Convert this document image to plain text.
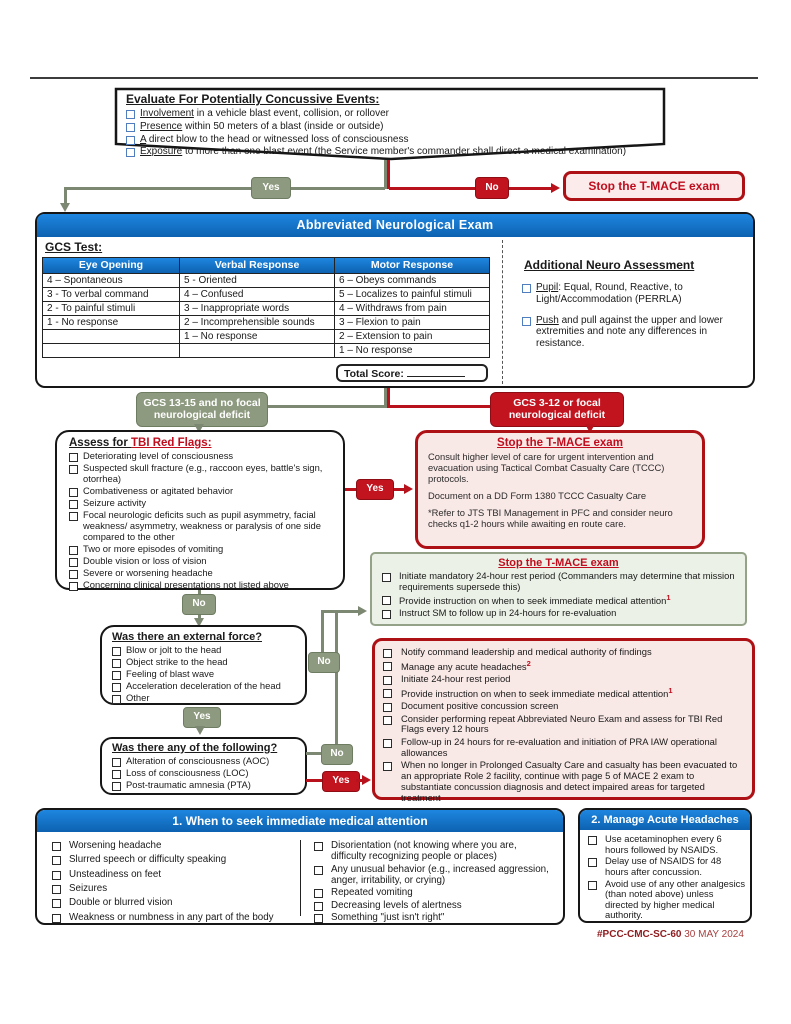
Evaluate For Potentially Concussive Events:
Involvement in a vehicle blast event, collision, or rollover
Presence within 50 meters of a blast (inside or outside)
A direct blow to the head or witnessed loss of consciousness
Exposure to more than one blast event (the Service member's commander shall direct a medical examination)
Yes	No	Stop the T-MACE exam
Abbreviated Neurological Exam
GCS Test:
Eye Opening
4 – Spontaneous
3 - To verbal command
2 - To painful stimuli
1 - No response
Verbal Response
5 - Oriented
4 – Confused
3 – Inappropriate words
2 – Incomprehensible sounds
1 – No response
Motor Response
6 – Obeys commands
5 – Localizes to painful stimuli
4 – Withdraws from pain
3 – Flexion to pain
2 – Extension to pain
1 – No response
Total Score:
Additional Neuro Assessment
Pupil: Equal, Round, Reactive, to Light/Accommodation (PERRLA)
Push and pull against the upper and lower extremities and note any differences in resistance.
GCS 13-15 and no focal
neurological deficit
GCS 3-12 or focal
neurological deficit
Assess for TBI Red Flags:
Deteriorating level of consciousness
Suspected skull fracture (e.g., raccoon eyes, battle's sign, otorrhea)
Combativeness or agitated behavior
Seizure activity
Focal neurologic deficits such as pupil asymmetry, facial weakness/ asymmetry, weakness or paralysis of one side compared to the other
Two or more episodes of vomiting
Double vision or loss of vision
Severe or worsening headache
Concerning clinical presentations not listed above
Yes
Stop the T-MACE exam
Consult higher level of care for urgent intervention and evacuation using Tactical Combat Casualty Care (TCCC) protocols.
Document on a DD Form 1380 TCCC Casualty Care
*Refer to JTS TBI Management in PFC and consider neuro checks q1-2 hours while awaiting en route care.
Stop the T-MACE exam
Initiate mandatory 24-hour rest period (Commanders may determine that mission requirements supersede this)
Provide instruction on when to seek immediate medical attention$^1$
Instruct SM to follow up in 24-hours for re-evaluation
No
Was there an external force?
Blow or jolt to the head
Object strike to the head
Feeling of blast wave
Acceleration deceleration of the head
Other
No
Yes
Was there any of the following?
Alteration of consciousness (AOC)
Loss of consciousness (LOC)
Post-traumatic amnesia (PTA)
No
Yes
Notify command leadership and medical authority of findings
Manage any acute headaches$^2$
Initiate 24-hour rest period
Provide instruction on when to seek immediate medical attention$^1$
Document positive concussion screen
Consider performing repeat Abbreviated Neuro Exam and assess for TBI Red Flags every 12 hours
Follow-up in 24 hours for re-evaluation and initiation of PRA IAW operational allowances
When no longer in Prolonged Casualty Care and casualty has been evacuated to an appropriate Role 2 facility, continue with page 5 of MACE 2 exam to substantiate concussion diagnosis and detect impaired areas for targeted treatment
1. When to seek immediate medical attention
Worsening headache
Slurred speech or difficulty speaking
Unsteadiness on feet
Seizures
Double or blurred vision
Weakness or numbness in any part of the body
Disorientation (not knowing where you are, difficulty recognizing people or places)
Any unusual behavior (e.g., increased aggression, anger, irritability, or crying)
Repeated vomiting
Decreasing levels of alertness
Something "just isn't right"
2. Manage Acute Headaches
Use acetaminophen every 6 hours followed by NSAIDS.
Delay use of NSAIDS for 48 hours after concussion.
Avoid use of any other analgesics (than noted above) unless directed by higher medical authority.
#PCC-CMC-SC-60 30 MAY 2024
